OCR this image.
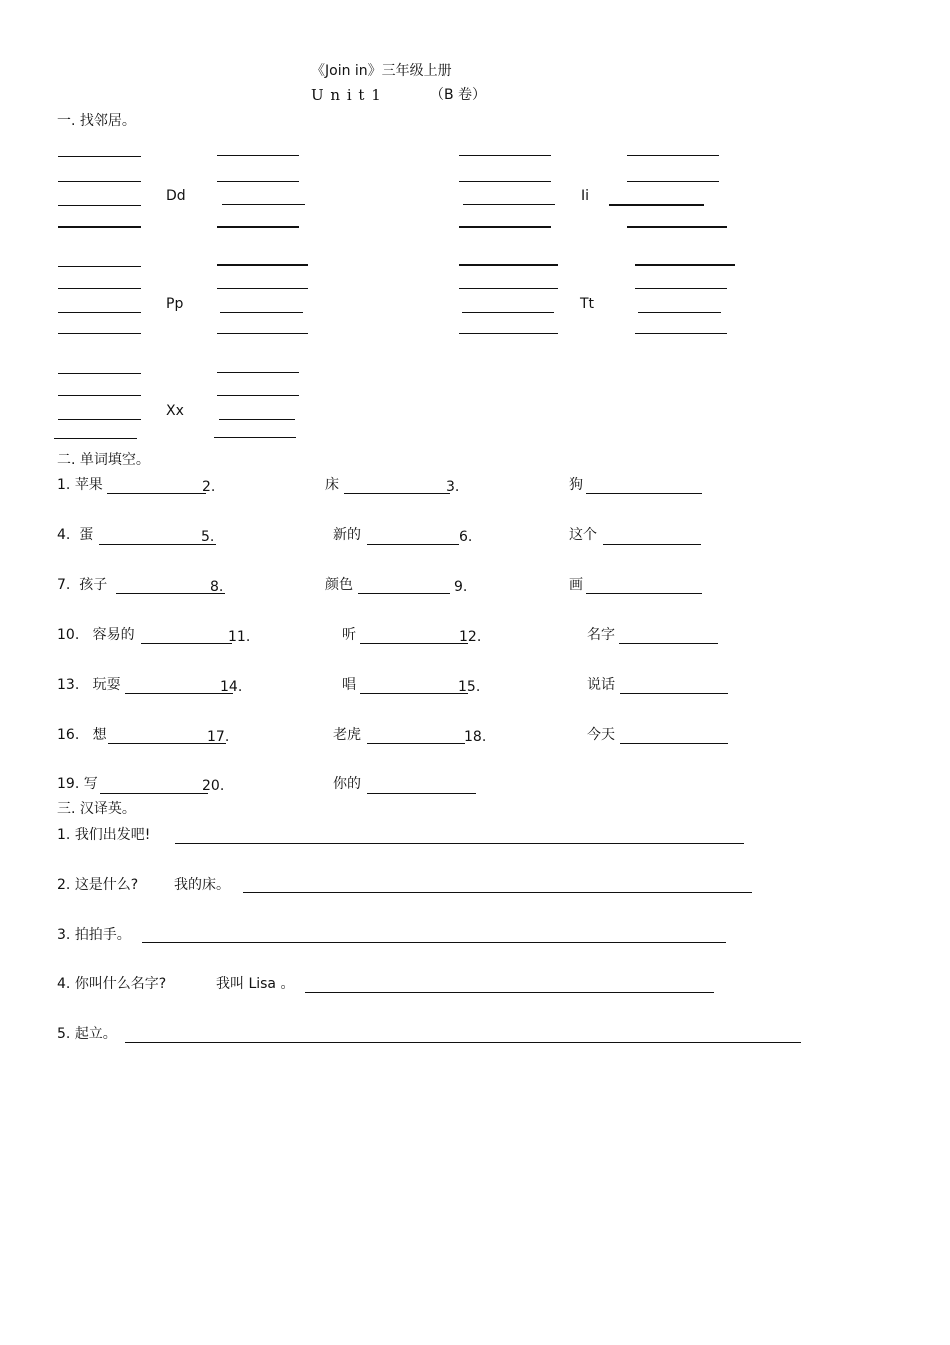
《Join in》三年级上册
U n i t 1	（B 卷）
一. 找邻居。
Dd	Ii
Pp	Tt
Xx
二. 单词填空。
1. 苹果	2.	床	3.	狗
4. 蛋	5.	新的	6.	这个
7. 孩子	8.	颜色	9.	画
10. 容易的	11.	听	12.	名字
13. 玩耍	14.	唱	15.	说话
16. 想	17.	老虎	18.	今天
19. 写	20.	你的
三. 汉译英。
1. 我们出发吧!
2. 这是什么?	我的床。
3. 拍拍手。
4. 你叫什么名字?	我叫 Lisa 。
5. 起立。
